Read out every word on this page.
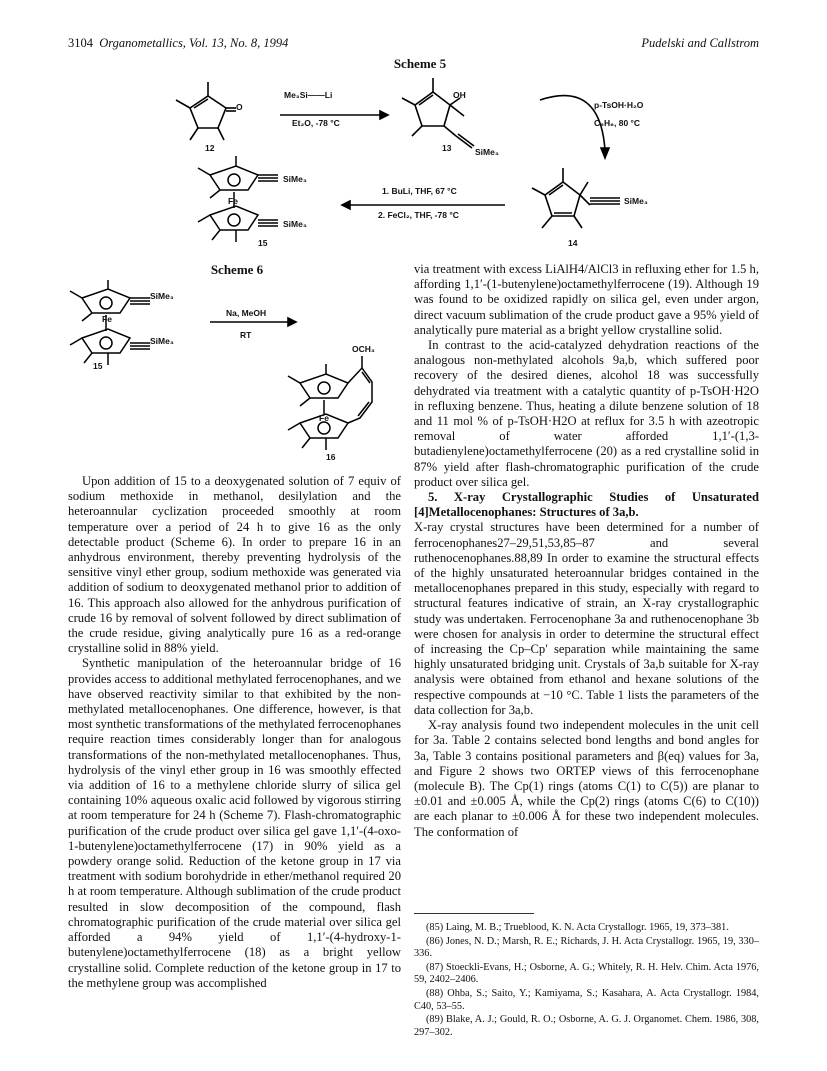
3104 Organometallics, Vol. 13, No. 8, 1994	Pudelski and Callstrom
Scheme 5
Me₃Si——Li
Et₂O, -78 °C
O
OH
SiMe₃
p-TsOH·H₂O
C₆H₆, 80 °C
SiMe₃
1. BuLi, THF, 67 °C
2. FeCl₂, THF, -78 °C
SiMe₃
SiMe₃
Fe
12	13
14
15
Scheme 6
SiMe₃
SiMe₃
Fe
15
Na, MeOH
RT
OCH₃
Fe
16

Upon addition of 15 to a deoxygenated solution of 7 equiv of sodium methoxide in methanol, desilylation and the heteroannular cyclization proceeded smoothly at room temperature over a period of 24 h to give 16 as the only detectable product (Scheme 6). In order to prepare 16 in an anhydrous environment, thereby preventing hydrolysis of the sensitive vinyl ether group, sodium methoxide was generated via addition of sodium to deoxygenated methanol prior to addition of 16. This approach also allowed for the anhydrous purification of crude 16 by removal of solvent followed by direct sublimation of the crude residue, giving analytically pure 16 as a red-orange crystalline solid in 88% yield.

Synthetic manipulation of the heteroannular bridge of 16 provides access to additional methylated ferrocenophanes, and we have observed reactivity similar to that exhibited by the non-methylated metallocenophanes. One difference, however, is that most synthetic transformations of the methylated ferrocenophanes require reaction times considerably longer than for analogous transformations of the non-methylated metallocenophanes. Thus, hydrolysis of the vinyl ether group in 16 was smoothly effected via addition of 16 to a methylene chloride slurry of silica gel containing 10% aqueous oxalic acid followed by vigorous stirring at room temperature for 24 h (Scheme 7). Flash-chromatographic purification of the crude product over silica gel gave 1,1′-(4-oxo-1-butenylene)octamethylferrocene (17) in 90% yield as a powdery orange solid. Reduction of the ketone group in 17 via treatment with sodium borohydride in ether/methanol required 20 h at room temperature. Although sublimation of the crude product resulted in slow decomposition of the compound, flash chromatographic purification of the crude material over silica gel afforded a 94% yield of 1,1′-(4-hydroxy-1-butenylene)octamethylferrocene (18) as a bright yellow crystalline solid. Complete reduction of the ketone group in 17 to the methylene group was accomplished

via treatment with excess LiAlH4/AlCl3 in refluxing ether for 1.5 h, affording 1,1′-(1-butenylene)octamethylferrocene (19). Although 19 was found to be oxidized rapidly on silica gel, even under argon, direct vacuum sublimation of the crude product gave a 95% yield of analytically pure material as a bright yellow crystalline solid.

In contrast to the acid-catalyzed dehydration reactions of the analogous non-methylated alcohols 9a,b, which suffered poor recovery of the desired dienes, alcohol 18 was successfully dehydrated via treatment with a catalytic quantity of p-TsOH·H2O in refluxing benzene. Thus, heating a dilute benzene solution of 18 and 11 mol % of p-TsOH·H2O at reflux for 3.5 h with azeotropic removal of water afforded 1,1′-(1,3-butadienylene)octamethylferrocene (20) as a red crystalline solid in 87% yield after flash-chromatographic purification of the crude product over silica gel.

5. X-ray Crystallographic Studies of Unsaturated [4]Metallocenophanes: Structures of 3a,b.

X-ray crystal structures have been determined for a number of ferrocenophanes27–29,51,53,85–87 and several ruthenocenophanes.88,89 In order to examine the structural effects of the highly unsaturated heteroannular bridges contained in the metallocenophanes prepared in this study, especially with regard to structural features indicative of strain, an X-ray crystallographic study was undertaken. Ferrocenophane 3a and ruthenocenophane 3b were chosen for analysis in order to determine the structural effect of increasing the Cp–Cp′ separation while maintaining the same highly unsaturated bridging unit. Crystals of 3a,b suitable for X-ray analysis were obtained from ethanol and hexane solutions of the respective compounds at −10 °C. Table 1 lists the parameters of the data collection for 3a,b.

X-ray analysis found two independent molecules in the unit cell for 3a. Table 2 contains selected bond lengths and bond angles for 3a, Table 3 contains positional parameters and β(eq) values for 3a, and Figure 2 shows two ORTEP views of this ferrocenophane (molecule B). The Cp(1) rings (atoms C(1) to C(5)) are planar to ±0.01 and ±0.005 Å, while the Cp(2) rings (atoms C(6) to C(10)) are each planar to ±0.006 Å for these two independent molecules. The conformation of

(85) Laing, M. B.; Trueblood, K. N. Acta Crystallogr. 1965, 19, 373–381.

(86) Jones, N. D.; Marsh, R. E.; Richards, J. H. Acta Crystallogr. 1965, 19, 330–336.

(87) Stoeckli-Evans, H.; Osborne, A. G.; Whitely, R. H. Helv. Chim. Acta 1976, 59, 2402–2406.

(88) Ohba, S.; Saito, Y.; Kamiyama, S.; Kasahara, A. Acta Crystallogr. 1984, C40, 53–55.

(89) Blake, A. J.; Gould, R. O.; Osborne, A. G. J. Organomet. Chem. 1986, 308, 297–302.
